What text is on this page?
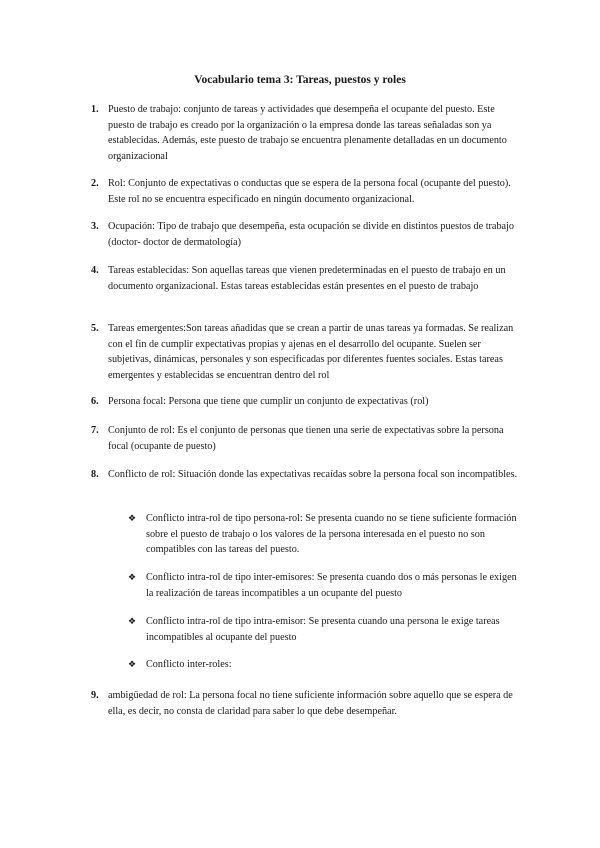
Vocabulario tema 3: Tareas, puestos y roles
1. Puesto de trabajo: conjunto de tareas y actividades que desempeña el ocupante del puesto. Este puesto de trabajo es creado por la organización o la empresa donde las tareas señaladas son ya establecidas. Además, este puesto de trabajo se encuentra plenamente detalladas en un documento organizacional
2. Rol: Conjunto de expectativas o conductas que se espera de la persona focal (ocupante del puesto). Este rol no se encuentra especificado en ningún documento organizacional.
3. Ocupación: Tipo de trabajo que desempeña, esta ocupación se divide en distintos puestos de trabajo (doctor- doctor de dermatología)
4. Tareas establecidas: Son aquellas tareas que vienen predeterminadas en el puesto de trabajo en un documento organizacional. Estas tareas establecidas están presentes en el puesto de trabajo
5. Tareas emergentes:Son tareas añadidas que se crean a partir de unas tareas ya formadas. Se realizan con el fin de cumplir expectativas propias y ajenas en el desarrollo del ocupante. Suelen ser subjetivas, dinámicas, personales y son especificadas por diferentes fuentes sociales. Estas tareas emergentes y establecidas se encuentran dentro del rol
6. Persona focal: Persona que tiene que cumplir un conjunto de expectativas (rol)
7. Conjunto de rol: Es el conjunto de personas que tienen una serie de expectativas sobre la persona focal (ocupante de puesto)
8. Conflicto de rol: Situación donde las expectativas recaídas sobre la persona focal son incompatibles.
❖ Conflicto intra-rol de tipo persona-rol: Se presenta cuando no se tiene suficiente formación sobre el puesto de trabajo o los valores de la persona interesada en el puesto no son compatibles con las tareas del puesto.
❖ Conflicto intra-rol de tipo inter-emisores: Se presenta cuando dos o más personas le exigen la realización de tareas incompatibles a un ocupante del puesto
❖ Conflicto intra-rol de tipo intra-emisor: Se presenta cuando una persona le exige tareas incompatibles al ocupante del puesto
❖ Conflicto inter-roles:
9. ambigüedad de rol: La persona focal no tiene suficiente información sobre aquello que se espera de ella, es decir, no consta de claridad para saber lo que debe desempeñar.
